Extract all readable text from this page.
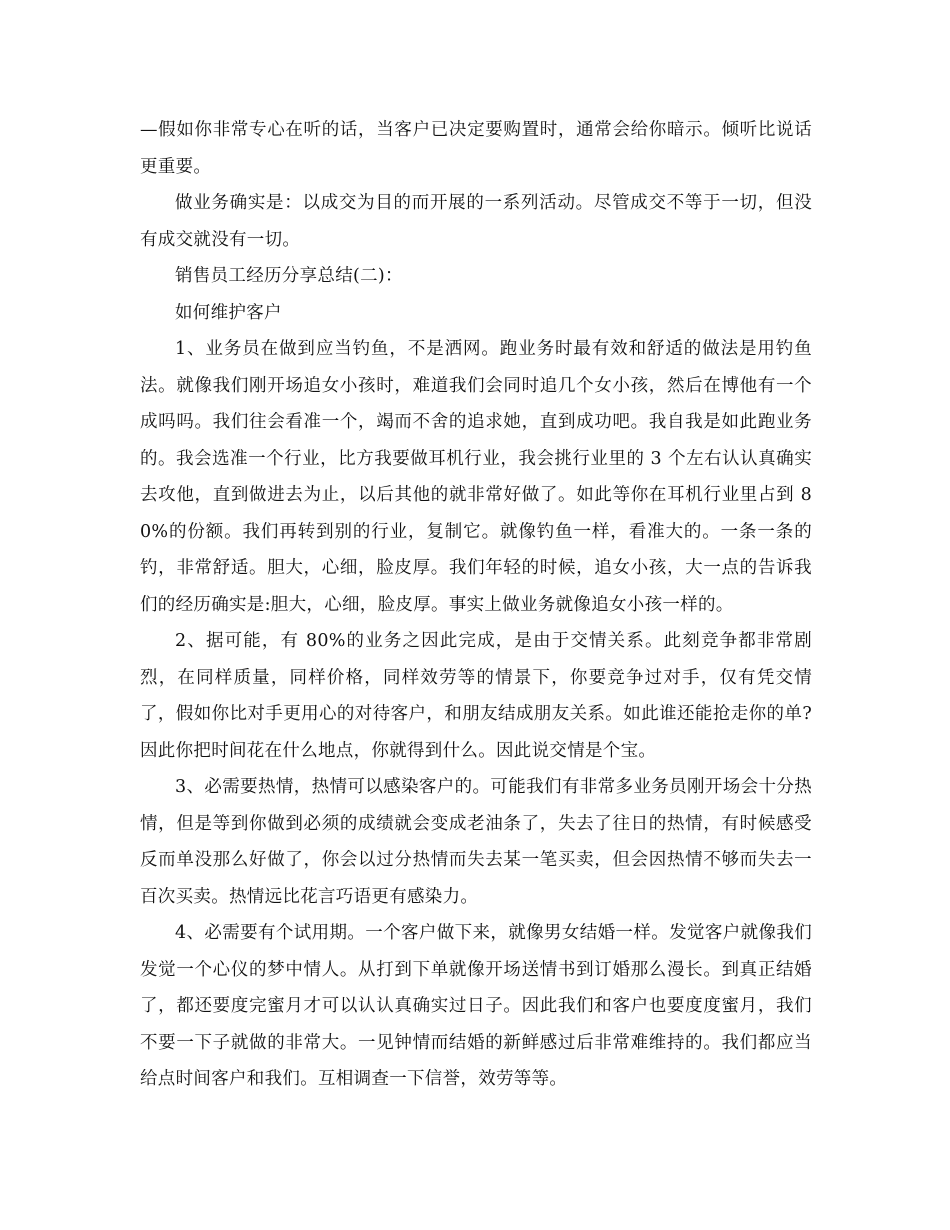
—假如你非常专心在听的话，当客户已决定要购置时，通常会给你暗示。倾听比说话更重要。

做业务确实是：以成交为目的而开展的一系列活动。尽管成交不等于一切，但没有成交就没有一切。

销售员工经历分享总结(二)：

如何维护客户

1、业务员在做到应当钓鱼，不是洒网。跑业务时最有效和舒适的做法是用钓鱼法。就像我们刚开场追女小孩时，难道我们会同时追几个女小孩，然后在博他有一个成吗吗。我们往会看准一个，竭而不舍的追求她，直到成功吧。我自我是如此跑业务的。我会选准一个行业，比方我要做耳机行业，我会挑行业里的 3 个左右认认真确实去攻他，直到做进去为止，以后其他的就非常好做了。如此等你在耳机行业里占到 80%的份额。我们再转到别的行业，复制它。就像钓鱼一样，看准大的。一条一条的钓，非常舒适。胆大，心细，脸皮厚。我们年轻的时候，追女小孩，大一点的告诉我们的经历确实是:胆大，心细，脸皮厚。事实上做业务就像追女小孩一样的。

2、据可能，有 80%的业务之因此完成，是由于交情关系。此刻竞争都非常剧烈，在同样质量，同样价格，同样效劳等的情景下，你要竞争过对手，仅有凭交情了，假如你比对手更用心的对待客户，和朋友结成朋友关系。如此谁还能抢走你的单?因此你把时间花在什么地点，你就得到什么。因此说交情是个宝。

3、必需要热情，热情可以感染客户的。可能我们有非常多业务员刚开场会十分热情，但是等到你做到必须的成绩就会变成老油条了，失去了往日的热情，有时候感受反而单没那么好做了，你会以过分热情而失去某一笔买卖，但会因热情不够而失去一百次买卖。热情远比花言巧语更有感染力。

4、必需要有个试用期。一个客户做下来，就像男女结婚一样。发觉客户就像我们发觉一个心仪的梦中情人。从打到下单就像开场送情书到订婚那么漫长。到真正结婚了，都还要度完蜜月才可以认认真确实过日子。因此我们和客户也要度度蜜月，我们不要一下子就做的非常大。一见钟情而结婚的新鲜感过后非常难维持的。我们都应当给点时间客户和我们。互相调查一下信誉，效劳等等。
